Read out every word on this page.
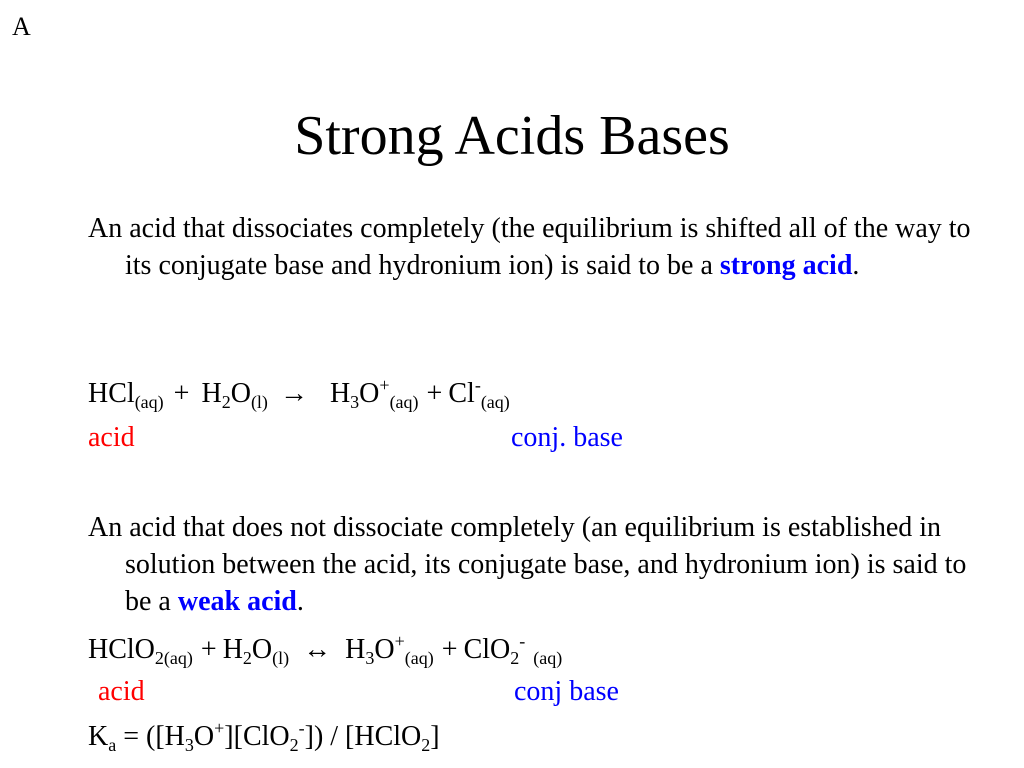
A
Strong Acids Bases
An acid that dissociates completely (the equilibrium is shifted all of the way to its conjugate base and hydronium ion) is said to be a strong acid.
$HCl_{(aq)} + H_2O_{(l)} \to H_3O^+_{(aq)} + Cl^-_{(aq)}$
acid	conj. base
An acid that does not dissociate completely (an equilibrium is established in solution between the acid, its conjugate base, and hydronium ion) is said to be a weak acid.
HClO$_{2(aq)}$ + $H_2O_{(l)}$ ↔ $H_3O^+_{(aq)} + ClO_2^-_{(aq)}$
acid	conj base
$K_a = ([H_3O^+][ClO_2^-])$ / [HClO$_2$]
